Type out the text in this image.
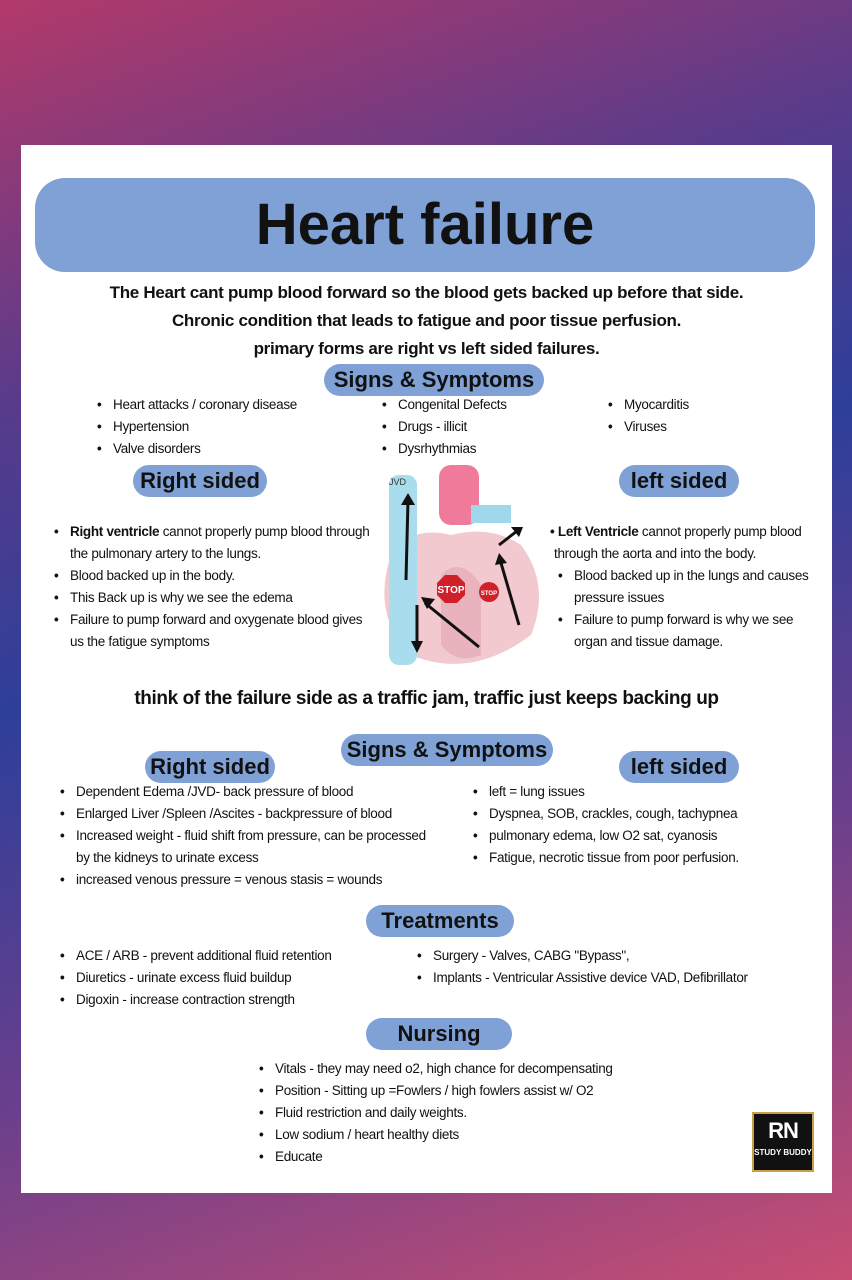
Heart failure
The Heart cant pump blood forward so the blood gets backed up before that side.
Chronic condition that leads to fatigue and poor tissue perfusion.
primary forms are right vs left sided failures.
Signs & Symptoms
• Heart attacks / coronary disease
• Hypertension
• Valve disorders
• Congenital Defects
• Drugs - illicit
• Dysrhythmias
• Myocarditis
• Viruses
Right sided	left sided
• Right ventricle cannot properly pump blood through the pulmonary artery to the lungs.
• Blood backed up in the body.
• This Back up is why we see the edema
• Failure to pump forward and oxygenate blood gives us the fatigue symptoms
STOP	STOP
JVD
• Left Ventricle cannot properly pump blood through the aorta and into the body.
• Blood backed up in the lungs and causes pressure issues
• Failure to pump forward is why we see organ and tissue damage.
think of the failure side as a traffic jam, traffic just keeps backing up
Signs & Symptoms
Right sided	left sided
• Dependent Edema /JVD- back pressure of blood
• Enlarged Liver /Spleen /Ascites - backpressure of blood
• Increased weight - fluid shift from pressure, can be processed by the kidneys to urinate excess
• increased venous pressure = venous stasis = wounds
• left = lung issues
• Dyspnea, SOB, crackles, cough, tachypnea
• pulmonary edema, low O2 sat, cyanosis
• Fatigue, necrotic tissue from poor perfusion.
Treatments
• ACE / ARB - prevent additional fluid retention
• Diuretics - urinate excess fluid buildup
• Digoxin - increase contraction strength
• Surgery - Valves, CABG "Bypass",
• Implants - Ventricular Assistive device VAD, Defibrillator
Nursing
• Vitals - they may need o2, high chance for decompensating
• Position - Sitting up =Fowlers / high fowlers assist w/ O2
• Fluid restriction and daily weights.
• Low sodium / heart healthy diets
• Educate
RN
STUDY BUDDY
